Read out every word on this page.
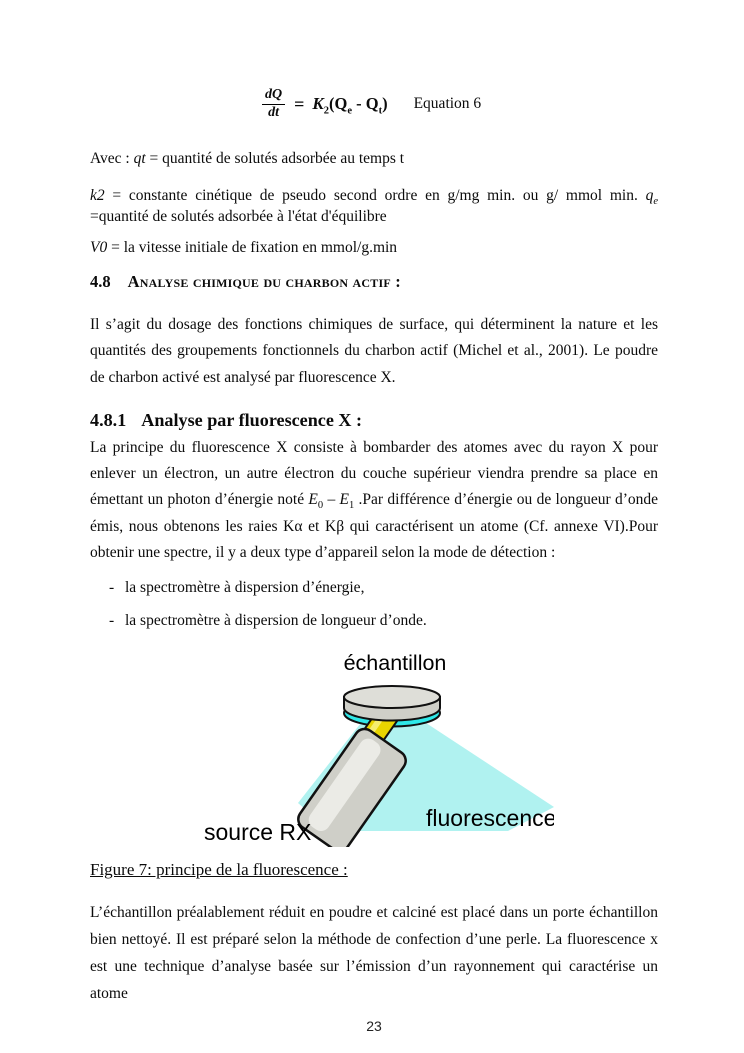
$\frac{dQ}{dt} = K_2(Q_e - Q_t)$ Equation 6

Avec : qt = quantité de solutés adsorbée au temps t

k2 = constante cinétique de pseudo second ordre en g/mg min. ou g/ mmol min. $q_e$ =quantité de solutés adsorbée à l'état d'équilibre

V0 = la vitesse initiale de fixation en mmol/g.min

4.8 Analyse chimique du charbon actif :

Il s’agit du dosage des fonctions chimiques de surface, qui déterminent la nature et les quantités des groupements fonctionnels du charbon actif (Michel et al., 2001). Le poudre de charbon activé est analysé par fluorescence X.

4.8.1 Analyse par fluorescence X :

La principe du fluorescence X consiste à bombarder des atomes avec du rayon X pour enlever un électron, un autre électron du couche supérieur viendra prendre sa place en émettant un photon d’énergie noté $E_0 - E_1$ .Par différence d’énergie ou de longueur d’onde émis, nous obtenons les raies Kα et Kβ qui caractérisent un atome (Cf. annexe VI).Pour obtenir une spectre, il y a deux type d’appareil selon la mode de détection :

- la spectromètre à dispersion d’énergie,
- la spectromètre à dispersion de longueur d’onde.
échantillon
source RX
fluorescence

Figure 7: principe de la fluorescence :

L’échantillon préalablement réduit en poudre et calciné est placé dans un porte échantillon bien nettoyé. Il est préparé selon la méthode de confection d’une perle. La fluorescence x est une technique d’analyse basée sur l’émission d’un rayonnement qui caractérise un atome

23
